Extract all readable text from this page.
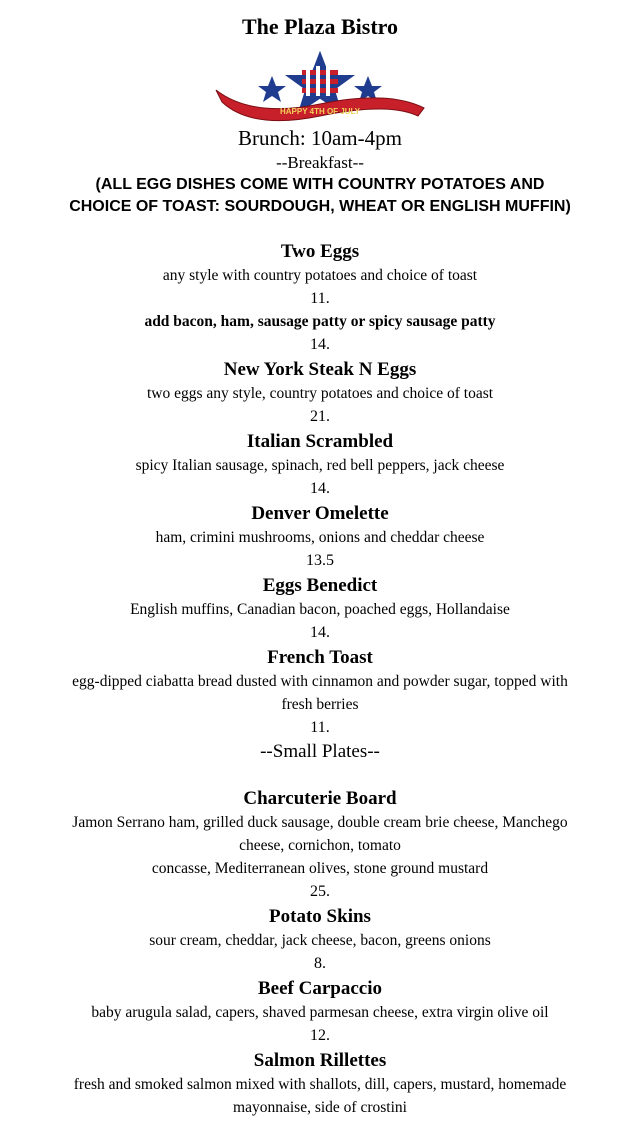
The Plaza Bistro
HAPPY 4TH OF JULY
Brunch: 10am-4pm
--Breakfast--
(ALL EGG DISHES COME WITH COUNTRY POTATOES AND
CHOICE OF TOAST: SOURDOUGH, WHEAT OR ENGLISH MUFFIN)
Two Eggs
any style with country potatoes and choice of toast
11.
add bacon, ham, sausage patty or spicy sausage patty
14.
New York Steak N Eggs
two eggs any style, country potatoes and choice of toast
21.
Italian Scrambled
spicy Italian sausage, spinach, red bell peppers, jack cheese
14.
Denver Omelette
ham, crimini mushrooms, onions and cheddar cheese
13.5
Eggs Benedict
English muffins, Canadian bacon, poached eggs, Hollandaise
14.
French Toast
egg-dipped ciabatta bread dusted with cinnamon and powder sugar, topped with
fresh berries
11.
--Small Plates--
Charcuterie Board
Jamon Serrano ham, grilled duck sausage, double cream brie cheese, Manchego
cheese, cornichon, tomato
concasse, Mediterranean olives, stone ground mustard
25.
Potato Skins
sour cream, cheddar, jack cheese, bacon, greens onions
8.
Beef Carpaccio
baby arugula salad, capers, shaved parmesan cheese, extra virgin olive oil
12.
Salmon Rillettes
fresh and smoked salmon mixed with shallots, dill, capers, mustard, homemade
mayonnaise, side of crostini
